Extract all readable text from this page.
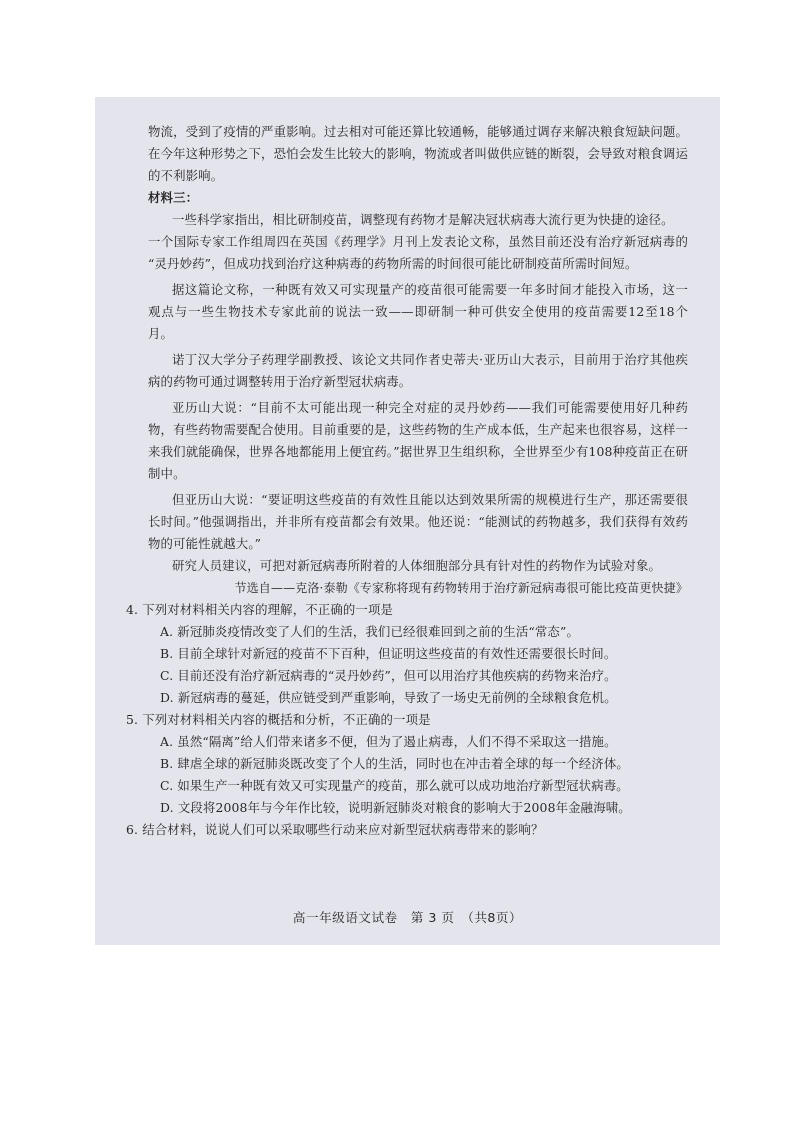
物流，受到了疫情的严重影响。过去相对可能还算比较通畅，能够通过调存来解决粮食短缺问题。
在今年这种形势之下，恐怕会发生比较大的影响，物流或者叫做供应链的断裂，会导致对粮食调运
的不利影响。
材料三：
一些科学家指出，相比研制疫苗，调整现有药物才是解决冠状病毒大流行更为快捷的途径。
一个国际专家工作组周四在英国《药理学》月刊上发表论文称，虽然目前还没有治疗新冠病毒的
“灵丹妙药”，但成功找到治疗这种病毒的药物所需的时间很可能比研制疫苗所需时间短。
据这篇论文称，一种既有效又可实现量产的疫苗很可能需要一年多时间才能投入市场，这一
观点与一些生物技术专家此前的说法一致——即研制一种可供安全使用的疫苗需要12至18个
月。
诺丁汉大学分子药理学副教授、该论文共同作者史蒂夫·亚历山大表示，目前用于治疗其他疾
病的药物可通过调整转用于治疗新型冠状病毒。
亚历山大说：“目前不太可能出现一种完全对症的灵丹妙药——我们可能需要使用好几种药
物，有些药物需要配合使用。目前重要的是，这些药物的生产成本低，生产起来也很容易，这样一
来我们就能确保，世界各地都能用上便宜药。”据世界卫生组织称，全世界至少有108种疫苗正在研
制中。
但亚历山大说：“要证明这些疫苗的有效性且能以达到效果所需的规模进行生产，那还需要很
长时间。”他强调指出，并非所有疫苗都会有效果。他还说：“能测试的药物越多，我们获得有效药
物的可能性就越大。”
研究人员建议，可把对新冠病毒所附着的人体细胞部分具有针对性的药物作为试验对象。
节选自——克洛·泰勒《专家称将现有药物转用于治疗新冠病毒很可能比疫苗更快捷》
4. 下列对材料相关内容的理解，不正确的一项是
A. 新冠肺炎疫情改变了人们的生活，我们已经很难回到之前的生活“常态”。
B. 目前全球针对新冠的疫苗不下百种，但证明这些疫苗的有效性还需要很长时间。
C. 目前还没有治疗新冠病毒的“灵丹妙药”，但可以用治疗其他疾病的药物来治疗。
D. 新冠病毒的蔓延，供应链受到严重影响，导致了一场史无前例的全球粮食危机。
5. 下列对材料相关内容的概括和分析，不正确的一项是
A. 虽然“隔离”给人们带来诸多不便，但为了遏止病毒，人们不得不采取这一措施。
B. 肆虐全球的新冠肺炎既改变了个人的生活，同时也在冲击着全球的每一个经济体。
C. 如果生产一种既有效又可实现量产的疫苗，那么就可以成功地治疗新型冠状病毒。
D. 文段将2008年与今年作比较，说明新冠肺炎对粮食的影响大于2008年金融海啸。
6. 结合材料，说说人们可以采取哪些行动来应对新型冠状病毒带来的影响？
高一年级语文试卷　第 3 页　（共8页）
